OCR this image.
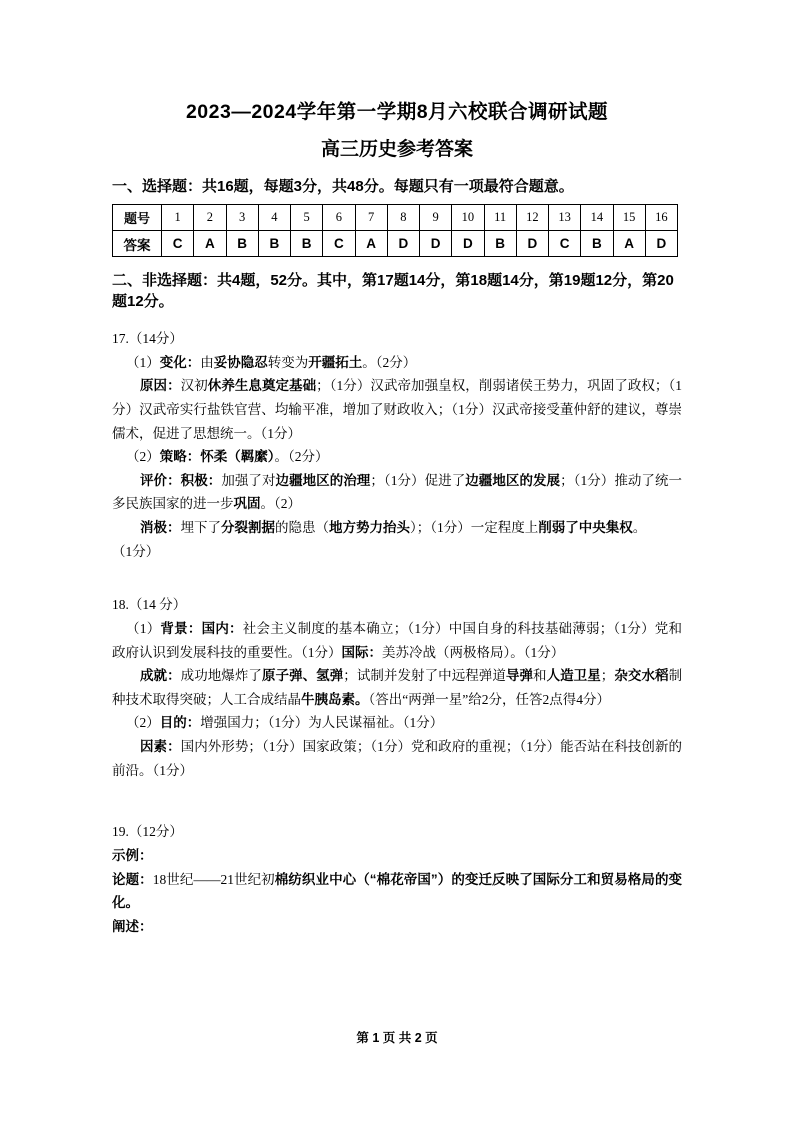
2023—2024学年第一学期8月六校联合调研试题
高三历史参考答案
一、选择题：共16题，每题3分，共48分。每题只有一项最符合题意。
题号	1	2	3	4	5	6	7	8	9	10	11	12	13	14	15	16
答案	C	A	B	B	B	C	A	D	D	D	B	D	C	B	A	D
二、非选择题：共4题，52分。其中，第17题14分，第18题14分，第19题12分，第20题12分。

17.（14分）

（1）变化：由妥协隐忍转变为开疆拓土。（2分）

原因：汉初休养生息奠定基础；（1分）汉武帝加强皇权，削弱诸侯王势力，巩固了政权；（1分）汉武帝实行盐铁官营、均输平准，增加了财政收入；（1分）汉武帝接受董仲舒的建议，尊崇儒术，促进了思想统一。（1分）

（2）策略：怀柔（羁縻）。（2分）

评价：积极：加强了对边疆地区的治理；（1分）促进了边疆地区的发展；（1分）推动了统一多民族国家的进一步巩固。（2）

消极：埋下了分裂割据的隐患（地方势力抬头）；（1分）一定程度上削弱了中央集权。

（1分）

18.（14 分）

（1）背景：国内：社会主义制度的基本确立；（1分）中国自身的科技基础薄弱；（1分）党和政府认识到发展科技的重要性。（1分）国际：美苏冷战（两极格局）。（1分）

成就：成功地爆炸了原子弹、氢弹；试制并发射了中远程弹道导弹和人造卫星；杂交水稻制种技术取得突破；人工合成结晶牛胰岛素。（答出“两弹一星”给2分，任答2点得4分）

（2）目的：增强国力；（1分）为人民谋福祉。（1分）

因素：国内外形势；（1分）国家政策；（1分）党和政府的重视；（1分）能否站在科技创新的前沿。（1分）

19.（12分）

示例：

论题：18世纪——21世纪初棉纺织业中心（“棉花帝国”）的变迁反映了国际分工和贸易格局的变化。

阐述：

第 1 页 共 2 页
